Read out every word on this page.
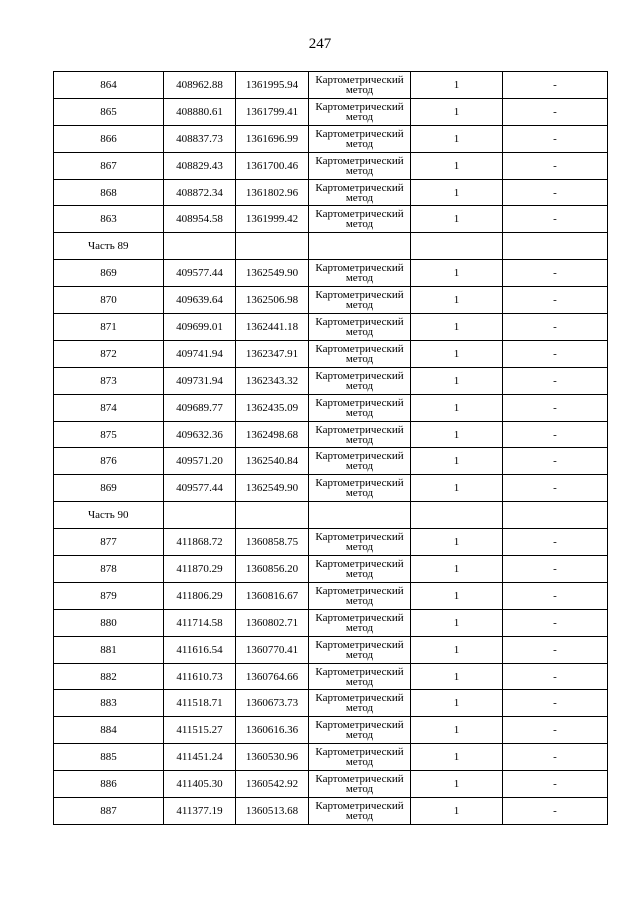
247
864	408962.88	1361995.94	Картометрический метод	1	-
865	408880.61	1361799.41	Картометрический метод	1	-
866	408837.73	1361696.99	Картометрический метод	1	-
867	408829.43	1361700.46	Картометрический метод	1	-
868	408872.34	1361802.96	Картометрический метод	1	-
863	408954.58	1361999.42	Картометрический метод	1	-
Часть 89					
869	409577.44	1362549.90	Картометрический метод	1	-
870	409639.64	1362506.98	Картометрический метод	1	-
871	409699.01	1362441.18	Картометрический метод	1	-
872	409741.94	1362347.91	Картометрический метод	1	-
873	409731.94	1362343.32	Картометрический метод	1	-
874	409689.77	1362435.09	Картометрический метод	1	-
875	409632.36	1362498.68	Картометрический метод	1	-
876	409571.20	1362540.84	Картометрический метод	1	-
869	409577.44	1362549.90	Картометрический метод	1	-
Часть 90					
877	411868.72	1360858.75	Картометрический метод	1	-
878	411870.29	1360856.20	Картометрический метод	1	-
879	411806.29	1360816.67	Картометрический метод	1	-
880	411714.58	1360802.71	Картометрический метод	1	-
881	411616.54	1360770.41	Картометрический метод	1	-
882	411610.73	1360764.66	Картометрический метод	1	-
883	411518.71	1360673.73	Картометрический метод	1	-
884	411515.27	1360616.36	Картометрический метод	1	-
885	411451.24	1360530.96	Картометрический метод	1	-
886	411405.30	1360542.92	Картометрический метод	1	-
887	411377.19	1360513.68	Картометрический метод	1	-
